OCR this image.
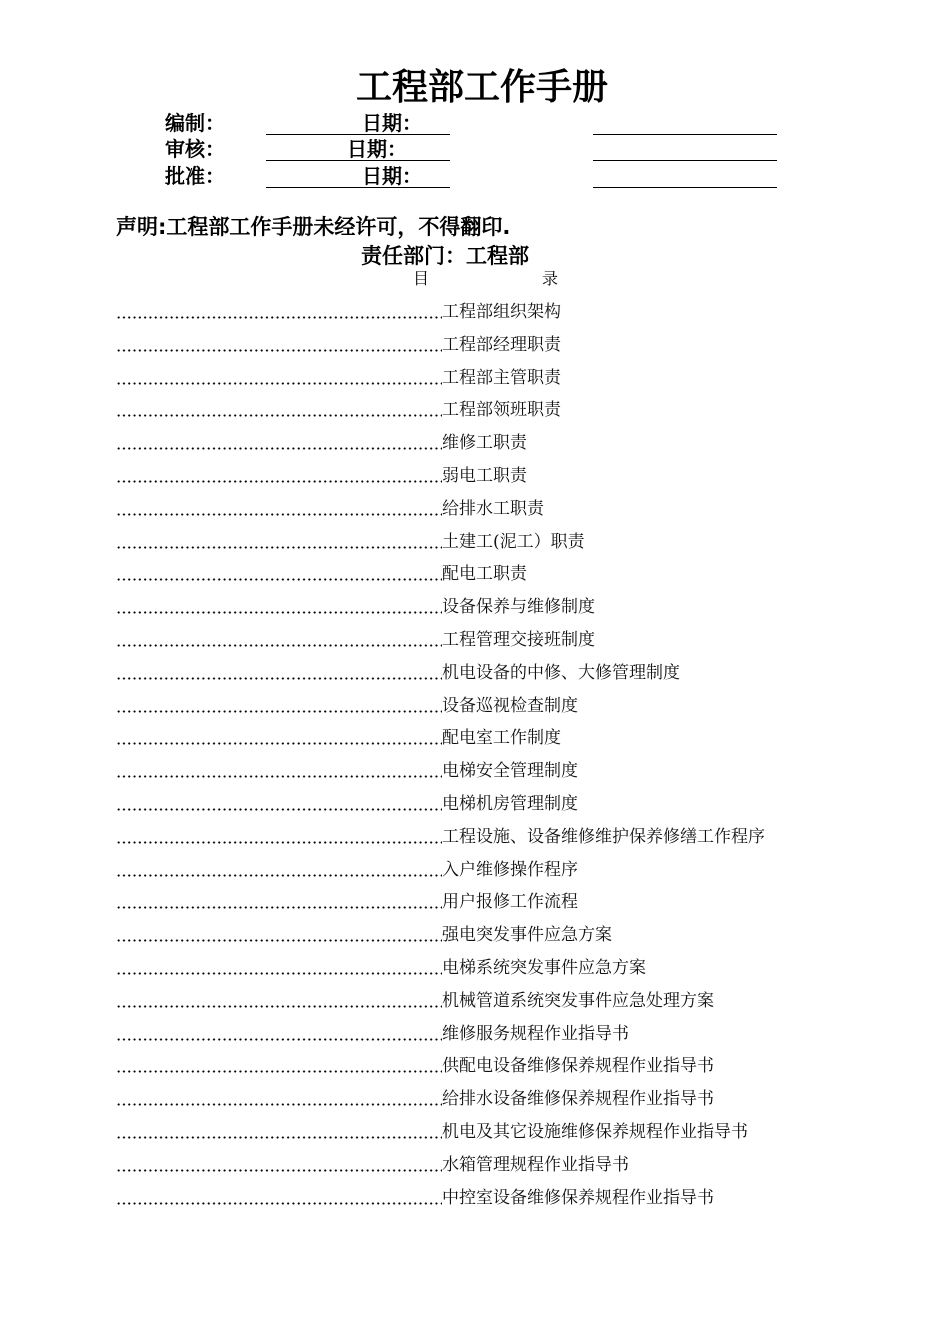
工程部工作手册
编制：	日期：
审核：	日期：
批准：	日期：
声明:工程部工作手册未经许可，不得翻印.
责任部门：工程部
目	录
工程部组织架构
工程部经理职责
工程部主管职责
工程部领班职责
维修工职责
弱电工职责
给排水工职责
土建工(泥工）职责
配电工职责
设备保养与维修制度
工程管理交接班制度
机电设备的中修、大修管理制度
设备巡视检查制度
配电室工作制度
电梯安全管理制度
电梯机房管理制度
工程设施、设备维修维护保养修缮工作程序
入户维修操作程序
用户报修工作流程
强电突发事件应急方案
电梯系统突发事件应急方案
机械管道系统突发事件应急处理方案
维修服务规程作业指导书
供配电设备维修保养规程作业指导书
给排水设备维修保养规程作业指导书
机电及其它设施维修保养规程作业指导书
水箱管理规程作业指导书
中控室设备维修保养规程作业指导书
